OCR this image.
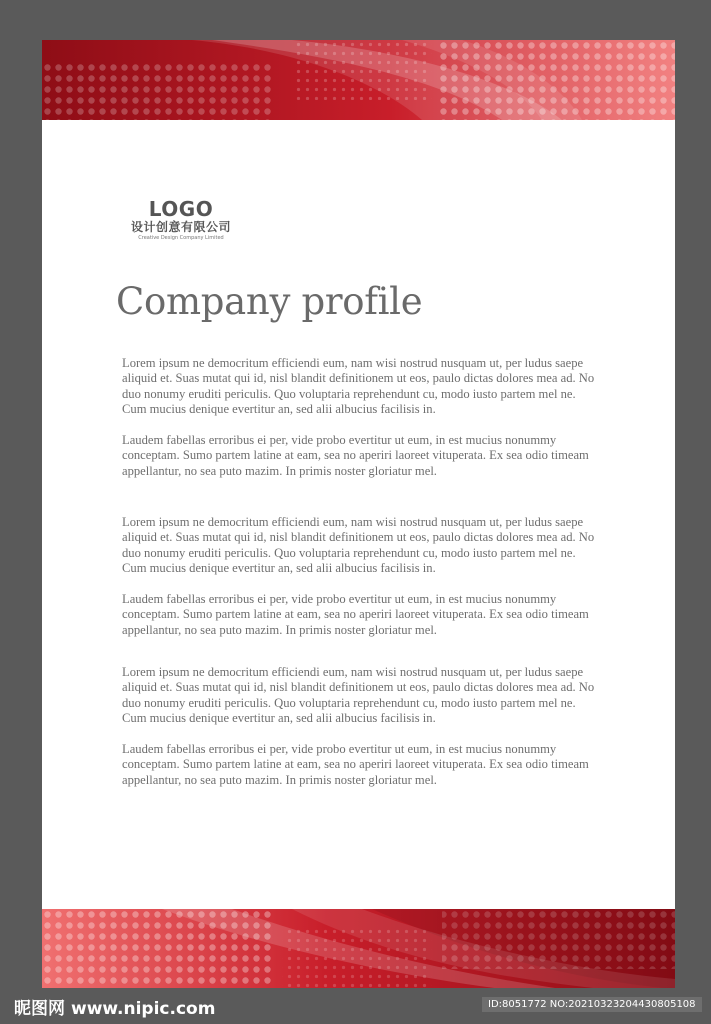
LOGO
设计创意有限公司
Creative Design Company Limited
Company profile

Lorem ipsum ne democritum efficiendi eum, nam wisi nostrud nusquam ut, per ludus saepe aliquid et. Suas mutat qui id, nisl blandit definitionem ut eos, paulo dictas dolores mea ad. No duo nonumy eruditi periculis. Quo voluptaria reprehendunt cu, modo iusto partem mel ne. Cum mucius denique evertitur an, sed alii albucius facilisis in.

Laudem fabellas erroribus ei per, vide probo evertitur ut eum, in est mucius nonummy conceptam. Sumo partem latine at eam, sea no aperiri laoreet vituperata. Ex sea odio timeam appellantur, no sea puto mazim. In primis noster gloriatur mel.

Lorem ipsum ne democritum efficiendi eum, nam wisi nostrud nusquam ut, per ludus saepe aliquid et. Suas mutat qui id, nisl blandit definitionem ut eos, paulo dictas dolores mea ad. No duo nonumy eruditi periculis. Quo voluptaria reprehendunt cu, modo iusto partem mel ne. Cum mucius denique evertitur an, sed alii albucius facilisis in.

Laudem fabellas erroribus ei per, vide probo evertitur ut eum, in est mucius nonummy conceptam. Sumo partem latine at eam, sea no aperiri laoreet vituperata. Ex sea odio timeam appellantur, no sea puto mazim. In primis noster gloriatur mel.

Lorem ipsum ne democritum efficiendi eum, nam wisi nostrud nusquam ut, per ludus saepe aliquid et. Suas mutat qui id, nisl blandit definitionem ut eos, paulo dictas dolores mea ad. No duo nonumy eruditi periculis. Quo voluptaria reprehendunt cu, modo iusto partem mel ne. Cum mucius denique evertitur an, sed alii albucius facilisis in.

Laudem fabellas erroribus ei per, vide probo evertitur ut eum, in est mucius nonummy conceptam. Sumo partem latine at eam, sea no aperiri laoreet vituperata. Ex sea odio timeam appellantur, no sea puto mazim. In primis noster gloriatur mel.

昵图网 www.nipic.com	ID:8051772 NO:20210323204430805108
